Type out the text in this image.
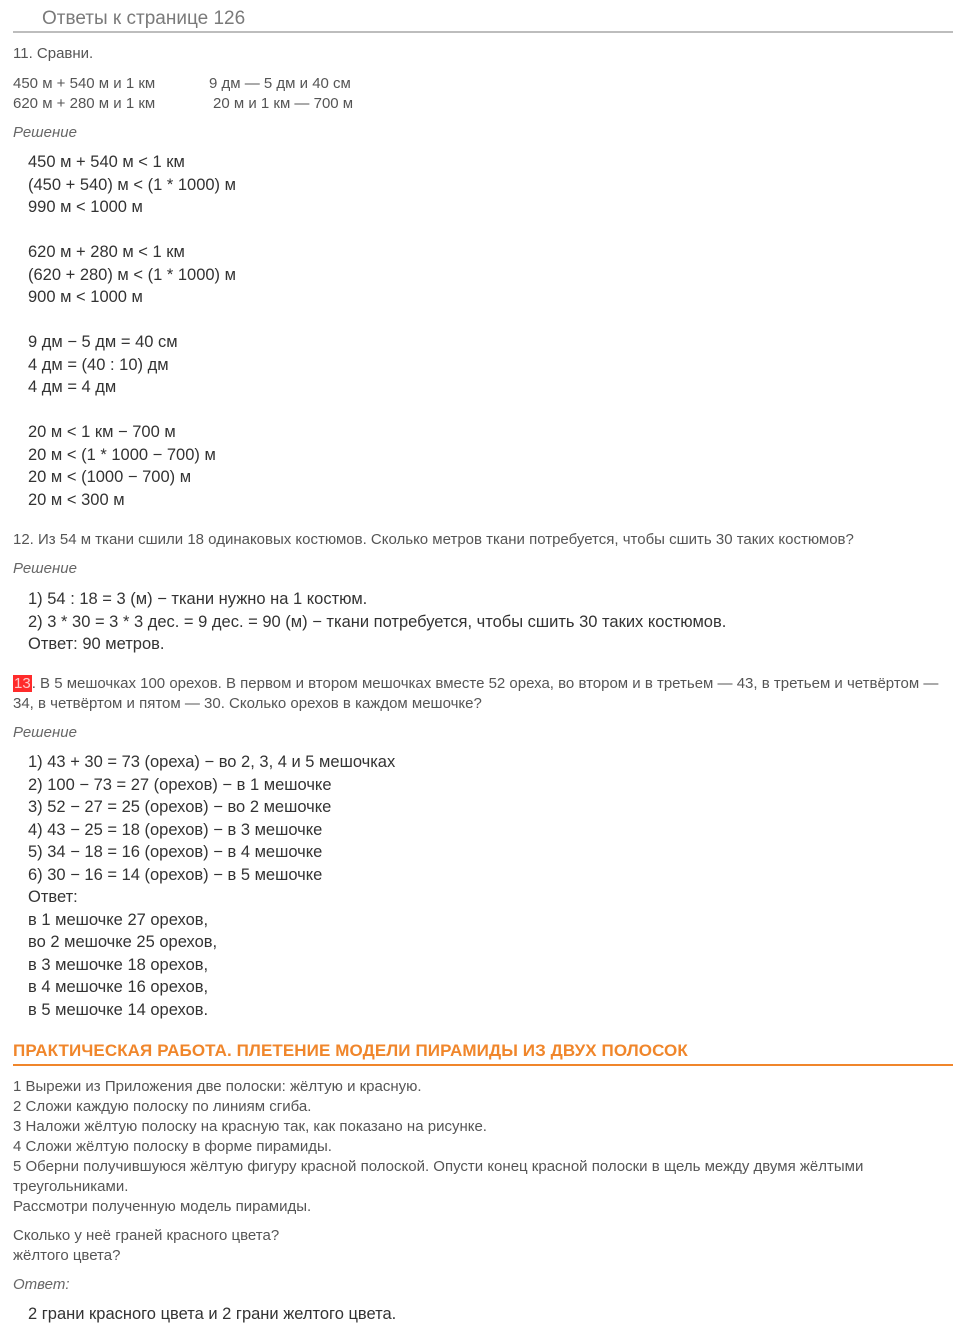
Ответы к странице 126
11. Сравни.
450 м + 540 м и 1 км
620 м + 280 м и 1 км
9 дм — 5 дм и 40 см
20 м и 1 км — 700 м
Решение
450 м + 540 м < 1 км
(450 + 540) м < (1 * 1000) м
990 м < 1000 м

620 м + 280 м < 1 км
(620 + 280) м < (1 * 1000) м
900 м < 1000 м

9 дм − 5 дм = 40 см
4 дм = (40 : 10) дм
4 дм = 4 дм

20 м < 1 км − 700 м
20 м < (1 * 1000 − 700) м
20 м < (1000 − 700) м
20 м < 300 м
12. Из 54 м ткани сшили 18 одинаковых костюмов. Сколько метров ткани потребуется, чтобы сшить 30 таких костюмов?
Решение
1) 54 : 18 = 3 (м) − ткани нужно на 1 костюм.
2) 3 * 30 = 3 * 3 дес. = 9 дес. = 90 (м) − ткани потребуется, чтобы сшить 30 таких костюмов.
Ответ: 90 метров.
13. В 5 мешочках 100 орехов. В первом и втором мешочках вместе 52 ореха, во втором и в третьем — 43, в третьем и четвёртом — 34, в четвёртом и пятом — 30. Сколько орехов в каждом мешочке?
Решение
1) 43 + 30 = 73 (ореха) − во 2, 3, 4 и 5 мешочках
2) 100 − 73 = 27 (орехов) − в 1 мешочке
3) 52 − 27 = 25 (орехов) − во 2 мешочке
4) 43 − 25 = 18 (орехов) − в 3 мешочке
5) 34 − 18 = 16 (орехов) − в 4 мешочке
6) 30 − 16 = 14 (орехов) − в 5 мешочке
Ответ:
в 1 мешочке 27 орехов,
во 2 мешочке 25 орехов,
в 3 мешочке 18 орехов,
в 4 мешочке 16 орехов,
в 5 мешочке 14 орехов.
ПРАКТИЧЕСКАЯ РАБОТА. ПЛЕТЕНИЕ МОДЕЛИ ПИРАМИДЫ ИЗ ДВУХ ПОЛОСОК
1 Вырежи из Приложения две полоски: жёлтую и красную.
2 Сложи каждую полоску по линиям сгиба.
3 Наложи жёлтую полоску на красную так, как показано на рисунке.
4 Сложи жёлтую полоску в форме пирамиды.
5 Оберни получившуюся жёлтую фигуру красной полоской. Опусти конец красной полоски в щель между двумя жёлтыми треугольниками.
Рассмотри полученную модель пирамиды.
Сколько у неё граней красного цвета?
жёлтого цвета?
Ответ:
2 грани красного цвета и 2 грани желтого цвета.
